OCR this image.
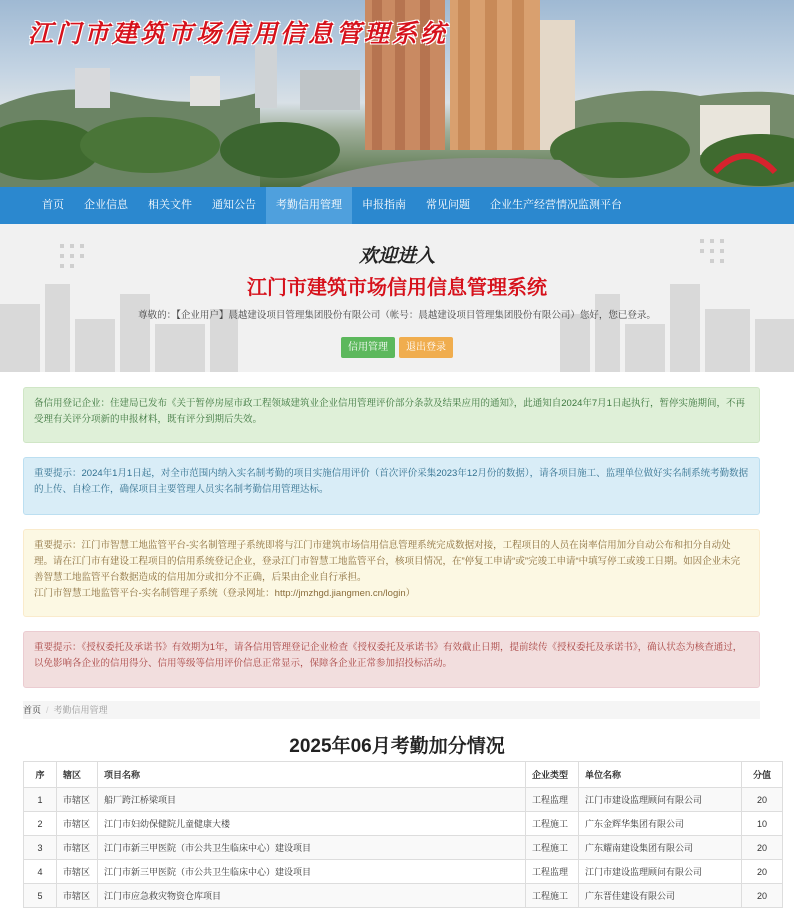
江门市建筑市场信用信息管理系统
首页	企业信息	相关文件	通知公告	考勤信用管理	申报指南	常见问题	企业生产经营情况监测平台
欢迎进入
江门市建筑市场信用信息管理系统
尊敬的：【企业用户】晨越建设项目管理集团股份有限公司（帐号：晨越建设项目管理集团股份有限公司）您好，您已登录。
信用管理 退出登录
备信用登记企业：住建局已发布《关于暂停房屋市政工程领域建筑业企业信用管理评价部分条款及结果应用的通知》，此通知自2024年7月1日起执行，暂停实施期间，不再受理有关评分项新的申报材料，既有评分到期后失效。
重要提示：2024年1月1日起，对全市范围内纳入实名制考勤的项目实施信用评价（首次评价采集2023年12月份的数据），请各项目施工、监理单位做好实名制系统考勤数据的上传、自检工作，确保项目主要管理人员实名制考勤信用管理达标。
重要提示：江门市智慧工地监管平台-实名制管理子系统即将与江门市建筑市场信用信息管理系统完成数据对接，工程项目的人员在岗率信用加分自动公布和扣分自动处理。请在江门市有建设工程项目的信用系统登记企业，登录江门市智慧工地监管平台，核项目情况，在”停复工申请“或”完竣工申请“中填写停工或竣工日期。如因企业未完善智慧工地监管平台数据造成的信用加分或扣分不正确，后果由企业自行承担。
江门市智慧工地监管平台-实名制管理子系统（登录网址：http://jmzhgd.jiangmen.cn/login）
重要提示：《授权委托及承诺书》有效期为1年，请各信用管理登记企业检查《授权委托及承诺书》有效截止日期，提前续传《授权委托及承诺书》，确认状态为核查通过，以免影响各企业的信用得分、信用等级等信用评价信息正常显示，保障各企业正常参加招投标活动。
首页 / 考勤信用管理
2025年06月考勤加分情况
序	辖区	项目名称	企业类型	单位名称	分值
1	市辖区	船厂跨江桥梁项目	工程监理	江门市建设监理顾问有限公司	20
2	市辖区	江门市妇幼保健院儿童健康大楼	工程施工	广东金辉华集团有限公司	10
3	市辖区	江门市新三甲医院（市公共卫生临床中心）建设项目	工程施工	广东耀南建设集团有限公司	20
4	市辖区	江门市新三甲医院（市公共卫生临床中心）建设项目	工程监理	江门市建设监理顾问有限公司	20
5	市辖区	江门市应急救灾物资仓库项目	工程施工	广东晋佳建设有限公司	20
